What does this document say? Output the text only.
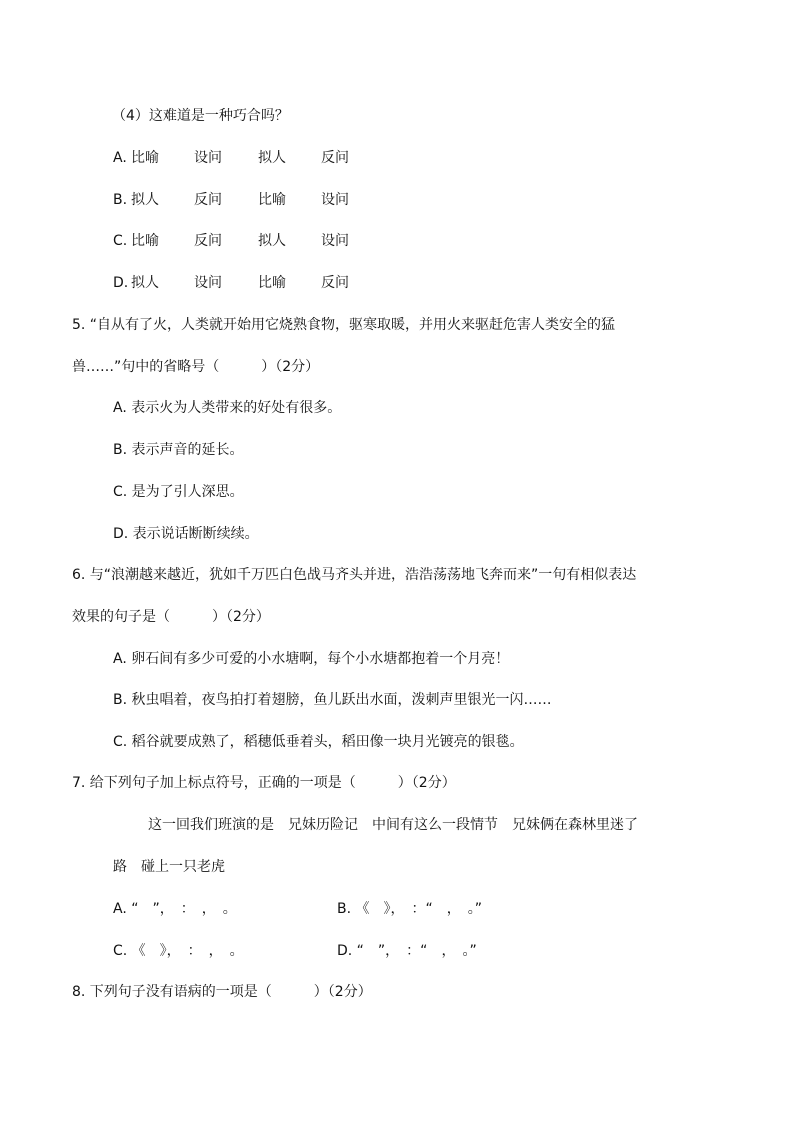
（4）这难道是一种巧合吗？
A. 比喻	设问	拟人	反问
B. 拟人	反问	比喻	设问
C. 比喻	反问	拟人	设问
D. 拟人	设问	比喻	反问
5. “自从有了火，人类就开始用它烧熟食物，驱寒取暖，并用火来驱赶危害人类安全的猛
兽……”句中的省略号（　　　）（2分）
A. 表示火为人类带来的好处有很多。
B. 表示声音的延长。
C. 是为了引人深思。
D. 表示说话断断续续。
6. 与“浪潮越来越近，犹如千万匹白色战马齐头并进，浩浩荡荡地飞奔而来”一句有相似表达
效果的句子是（　　　）（2分）
A. 卵石间有多少可爱的小水塘啊，每个小水塘都抱着一个月亮！
B. 秋虫唱着，夜鸟拍打着翅膀，鱼儿跃出水面，泼刺声里银光一闪……
C. 稻谷就要成熟了，稻穗低垂着头，稻田像一块月光镀亮的银毯。
7. 给下列句子加上标点符号，正确的一项是（　　　）（2分）
这一回我们班演的是　兄妹历险记　中间有这么一段情节　兄妹俩在森林里迷了
路　碰上一只老虎
A. “　”，　：　，　。	B. 《　》，　：“　，　。”
C. 《　》，　：　，　。	D. “　”，　：“　，　。”
8. 下列句子没有语病的一项是（　　　）（2分）
